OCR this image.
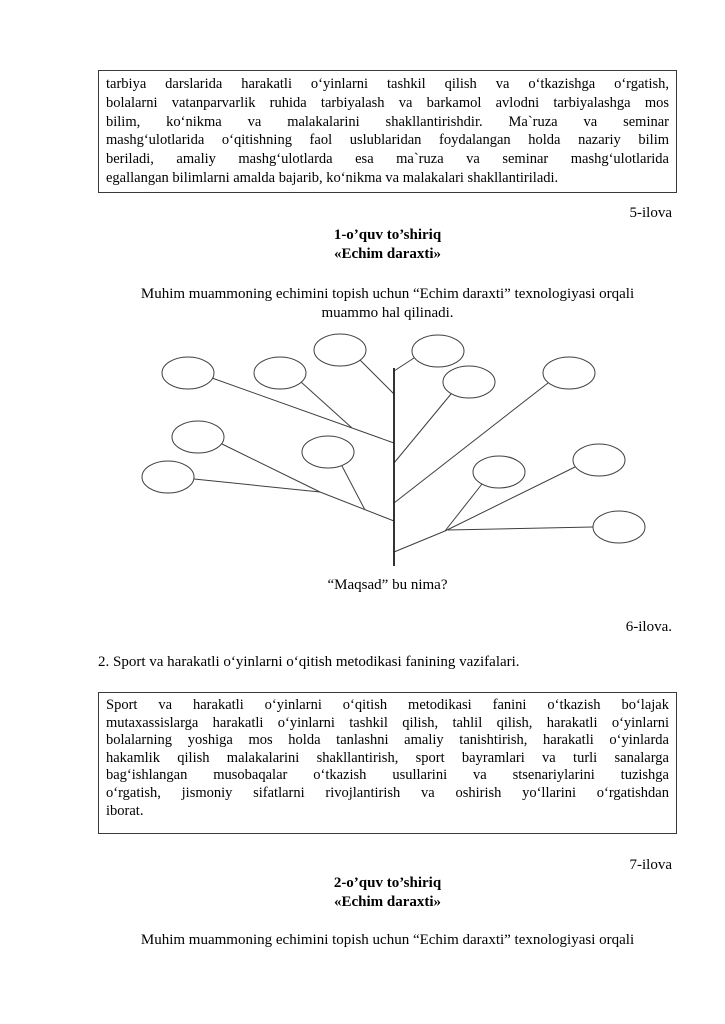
tarbiya darslarida harakatli o‘yinlarni tashkil qilish va o‘tkazishga o‘rgatish,
bolalarni vatanparvarlik ruhida tarbiyalash va barkamol avlodni tarbiyalashga mos
bilim, ko‘nikma va malakalarini shakllantirishdir. Ma`ruza va seminar
mashg‘ulotlarida o‘qitishning faol uslublaridan foydalangan holda nazariy bilim
beriladi, amaliy mashg‘ulotlarda esa ma`ruza va seminar mashg‘ulotlarida
egallangan bilimlarni amalda bajarib, ko‘nikma va malakalari shakllantiriladi.
5-ilova
1-o’quv to’shiriq
«Echim daraxti»
Muhim muammoning echimini topish uchun “Echim daraxti” texnologiyasi orqali
muammo hal qilinadi.
“Maqsad” bu nima?
6-ilova.
2. Sport va harakatli o‘yinlarni o‘qitish metodikasi fanining vazifalari.
Sport va harakatli o‘yinlarni o‘qitish metodikasi fanini o‘tkazish bo‘lajak
mutaxassislarga harakatli o‘yinlarni tashkil qilish, tahlil qilish, harakatli o‘yinlarni
bolalarning yoshiga mos holda tanlashni amaliy tanishtirish, harakatli o‘yinlarda
hakamlik qilish malakalarini shakllantirish, sport bayramlari va turli sanalarga
bag‘ishlangan musobaqalar o‘tkazish usullarini va stsenariylarini tuzishga
o‘rgatish, jismoniy sifatlarni rivojlantirish va oshirish yo‘llarini o‘rgatishdan
iborat.
7-ilova
2-o’quv to’shiriq
«Echim daraxti»
Muhim muammoning echimini topish uchun “Echim daraxti” texnologiyasi orqali
